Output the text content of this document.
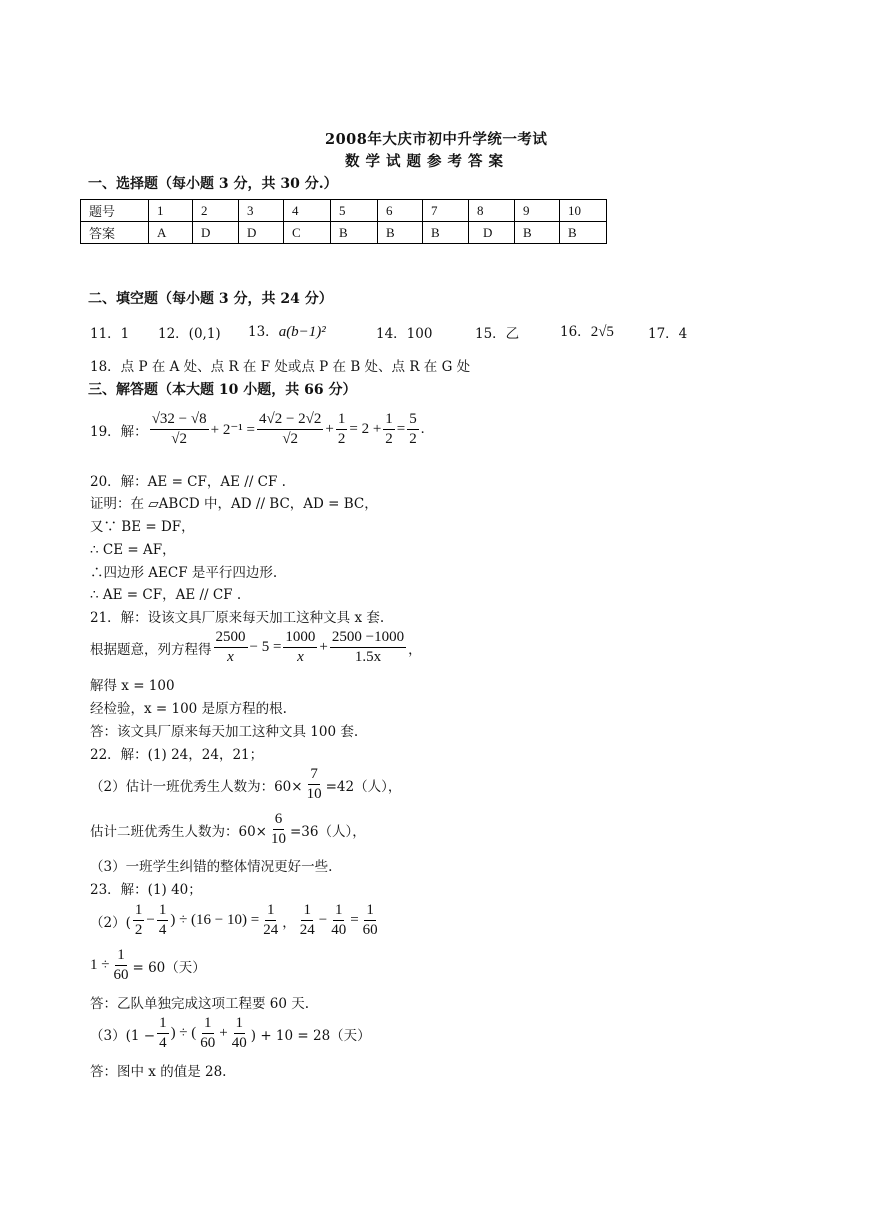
2008年大庆市初中升学统一考试
数学试题参考答案
一、选择题（每小题 3 分，共 30 分.）
题号	1	2	3	4	5	6	7	8	9	10
答案	A	D	D	C	B	B	B	D	B	B
二、填空题（每小题 3 分，共 24 分）
11．1 12．(0,1) 13．a(b−1)²	14．100	15．乙	16．2√5	17．4
18．点 P 在 A 处、点 R 在 F 处或点 P 在 B 处、点 R 在 G 处
三、解答题（本大题 10 小题，共 66 分）
19．解： $\frac{√32 - √8}{√2} + 2^{-1} = \frac{4√2 - 2√2}{√2} + \frac{1}{2} = 2 + \frac{1}{2} = \frac{5}{2}$ .
20．解：AE = CF，AE // CF .
证明：在 ▱ABCD 中，AD // BC，AD = BC，
又∵ BE = DF，
∴ CE = AF，
∴四边形 AECF 是平行四边形.
∴ AE = CF，AE // CF .
21．解：设该文具厂原来每天加工这种文具 x 套.
根据题意，列方程得 $\frac{2500}{x} - 5 = \frac{1000}{x} + \frac{2500 -1000}{1.5x}$ ，
解得 x = 100
经检验，x = 100 是原方程的根.
答：该文具厂原来每天加工这种文具 100 套.
22．解：(1) 24，24，21；
（2）估计一班优秀生人数为：$60\times \frac{7}{10} =42$（人），
估计二班优秀生人数为：$60\times \frac{6}{10} =36$（人），
（3）一班学生纠错的整体情况更好一些.
23．解：(1) 40；
$(2)( \frac{1}{2} - \frac{1}{4}$ ) ÷ $(16 - 10) = \frac{1}{24}$ ， $\frac{1}{24} - \frac{1}{40} = \frac{1}{60}$
$1 \div \frac{1}{60} = 60$（天）
答：乙队单独完成这项工程要 60 天.
$(3)(1 - \frac{1}{4}$ ) ÷ ( $\frac{1}{60} + \frac{1}{40}$ ) + 10 = 28（天）
答：图中 x 的值是 28.
